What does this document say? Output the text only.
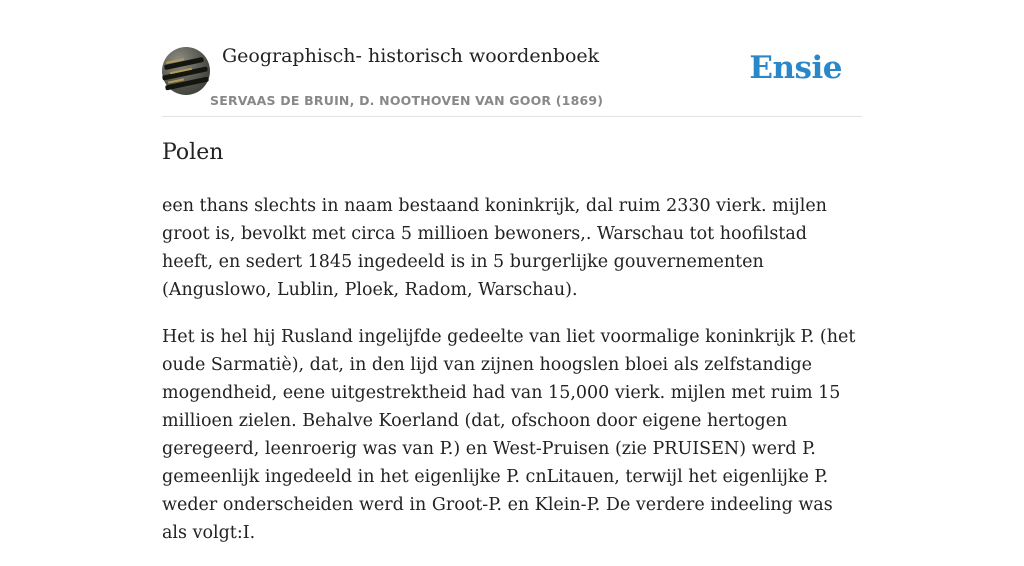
Geographisch- historisch woordenboek
SERVAAS DE BRUIN, D. NOOTHOVEN VAN GOOR (1869)
Ensie
Polen

een thans slechts in naam bestaand koninkrijk, dal ruim 2330 vierk. mijlen groot is, bevolkt met circa 5 millioen bewoners,. Warschau tot hoofilstad heeft, en sedert 1845 ingedeeld is in 5 burgerlijke gouvernementen (Anguslowo, Lublin, Ploek, Radom, Warschau).

Het is hel hij Rusland ingelijfde gedeelte van liet voormalige koninkrijk P. (het oude Sarmatiè), dat, in den lijd van zijnen hoogslen bloei als zelfstandige mogendheid, eene uitgestrektheid had van 15,000 vierk. mijlen met ruim 15 millioen zielen. Behalve Koerland (dat, ofschoon door eigene hertogen geregeerd, leenroerig was van P.) en West-Pruisen (zie PRUISEN) werd P. gemeenlijk ingedeeld in het eigenlijke P. cnLitauen, terwijl het eigenlijke P. weder onderscheiden werd in Groot-P. en Klein-P. De verdere indeeling was als volgt:I.
